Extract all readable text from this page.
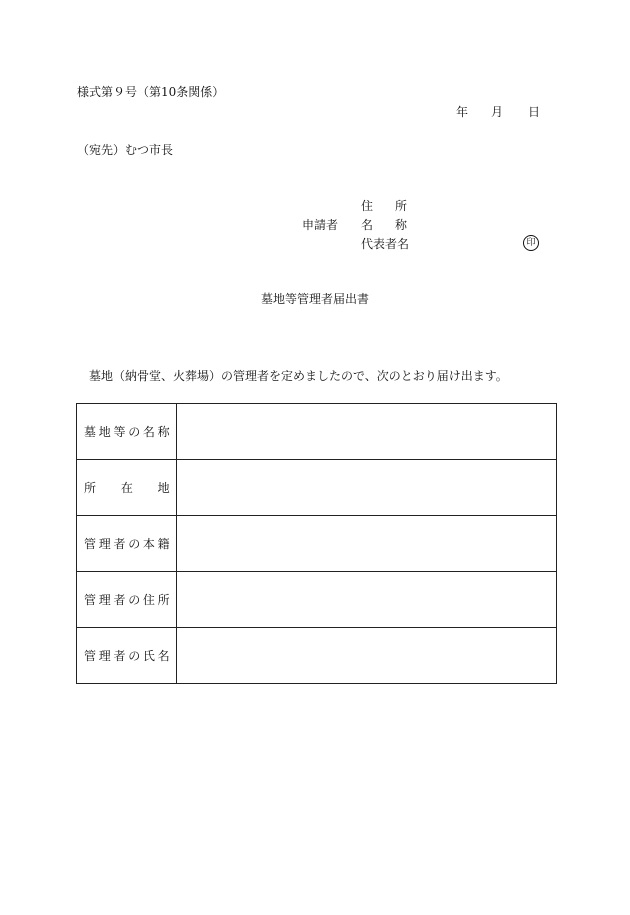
様式第９号（第10条関係）
年 月 日
（宛先）むつ市長
申請者
住所
名称
代表者名	印
墓地等管理者届出書
墓地（納骨堂、火葬場）の管理者を定めましたので、次のとおり届け出ます。
墓地等の名称	
所在地	
管理者の本籍	
管理者の住所	
管理者の氏名	
